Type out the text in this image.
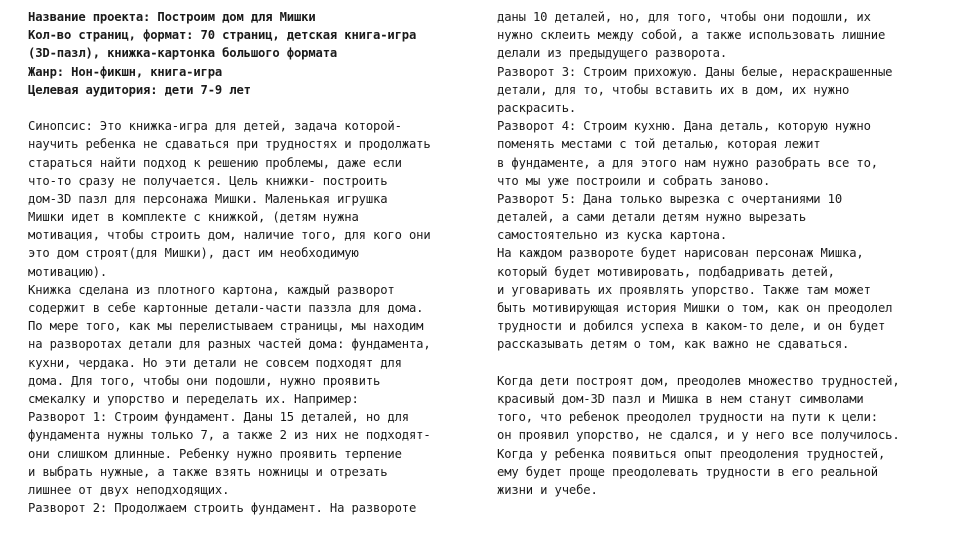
Название проекта: Построим дом для Мишки
Кол-во страниц, формат: 70 страниц, детская книга-игра
(3D-пазл), книжка-картонка большого формата
Жанр: Нон-фикшн, книга-игра
Целевая аудитория: дети 7-9 лет
Синопсис: Это книжка-игра для детей, задача которой-
научить ребенка не сдаваться при трудностях и продолжать
стараться найти подход к решению проблемы, даже если
что-то сразу не получается. Цель книжки- построить
дом-3D пазл для персонажа Мишки. Маленькая игрушка
Мишки идет в комплекте с книжкой, (детям нужна
мотивация, чтобы строить дом, наличие того, для кого они
это дом строят(для Мишки), даст им необходимую
мотивацию).
Книжка сделана из плотного картона, каждый разворот
содержит в себе картонные детали-части паззла для дома.
По мере того, как мы перелистываем страницы, мы находим
на разворотах детали для разных частей дома: фундамента,
кухни, чердака. Но эти детали не совсем подходят для
дома. Для того, чтобы они подошли, нужно проявить
смекалку и упорство и переделать их. Например:
Разворот 1: Строим фундамент. Даны 15 деталей, но для
фундамента нужны только 7, а также 2 из них не подходят-
они слишком длинные. Ребенку нужно проявить терпение
и выбрать нужные, а также взять ножницы и отрезать
лишнее от двух неподходящих.
Разворот 2: Продолжаем строить фундамент. На развороте
даны 10 деталей, но, для того, чтобы они подошли, их
нужно склеить между собой, а также использовать лишние
делали из предыдущего разворота.
Разворот 3: Строим прихожую. Даны белые, нераскрашенные
детали, для то, чтобы вставить их в дом, их нужно
раскрасить.
Разворот 4: Строим кухню. Дана деталь, которую нужно
поменять местами с той деталью, которая лежит
в фундаменте, а для этого нам нужно разобрать все то,
что мы уже построили и собрать заново.
Разворот 5: Дана только вырезка с очертаниями 10
деталей, а сами детали детям нужно вырезать
самостоятельно из куска картона.
На каждом развороте будет нарисован персонаж Мишка,
который будет мотивировать, подбадривать детей,
и уговаривать их проявлять упорство. Также там может
быть мотивирующая история Мишки о том, как он преодолел
трудности и добился успеха в каком-то деле, и он будет
рассказывать детям о том, как важно не сдаваться.
Когда дети построят дом, преодолев множество трудностей,
красивый дом-3D пазл и Мишка в нем станут символами
того, что ребенок преодолел трудности на пути к цели:
он проявил упорство, не сдался, и у него все получилось.
Когда у ребенка появиться опыт преодоления трудностей,
ему будет проще преодолевать трудности в его реальной
жизни и учебе.
